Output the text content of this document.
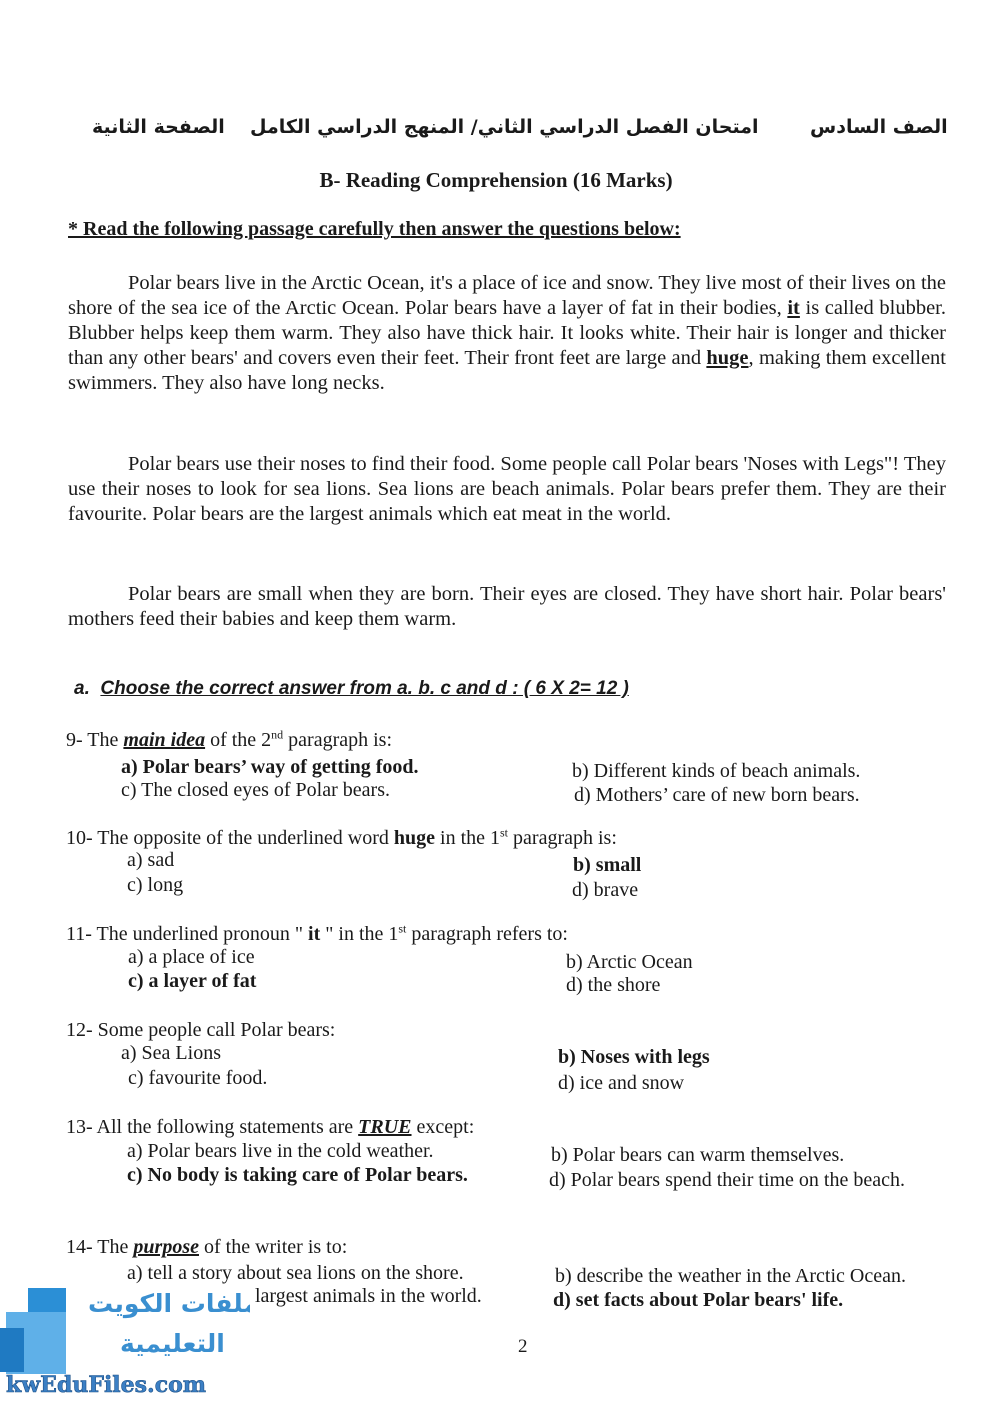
الصفحة الثانية امتحان الفصل الدراسي الثاني/ المنهج الدراسي الكامل	الصف السادس
B- Reading Comprehension (16 Marks)
* Read the following passage carefully then answer the questions below:
Polar bears live in the Arctic Ocean, it's a place of ice and snow. They live most of their lives on the shore of the sea ice of the Arctic Ocean. Polar bears have a layer of fat in their bodies, it is called blubber. Blubber helps keep them warm. They also have thick hair. It looks white. Their hair is longer and thicker than any other bears' and covers even their feet. Their front feet are large and huge, making them excellent swimmers. They also have long necks.
Polar bears use their noses to find their food. Some people call Polar bears 'Noses with Legs"! They use their noses to look for sea lions. Sea lions are beach animals. Polar bears prefer them. They are their favourite. Polar bears are the largest animals which eat meat in the world.
Polar bears are small when they are born. Their eyes are closed. They have short hair. Polar bears' mothers feed their babies and keep them warm.
a. Choose the correct answer from a. b. c and d : ( 6 X 2= 12 )
9- The main idea of the 2nd paragraph is:
a) Polar bears’ way of getting food.	b) Different kinds of beach animals.
c) The closed eyes of Polar bears.	d) Mothers’ care of new born bears.
10- The opposite of the underlined word huge in the 1st paragraph is:
a) sad	b) small
c) long	d) brave
11- The underlined pronoun " it " in the 1st paragraph refers to:
a) a place of ice	b) Arctic Ocean
c) a layer of fat	d) the shore
12- Some people call Polar bears:
a) Sea Lions	b) Noses with legs
c) favourite food.	d) ice and snow
13- All the following statements are TRUE except:
a) Polar bears live in the cold weather.	b) Polar bears can warm themselves.
c) No body is taking care of Polar bears.	d) Polar bears spend their time on the beach.
14- The purpose of the writer is to:
a) tell a story about sea lions on the shore.	b) describe the weather in the Arctic Ocean.
largest animals in the world.	d) set facts about Polar bears' life.
2
ملفات الكويت
التعليمية
kwEduFiles.com
